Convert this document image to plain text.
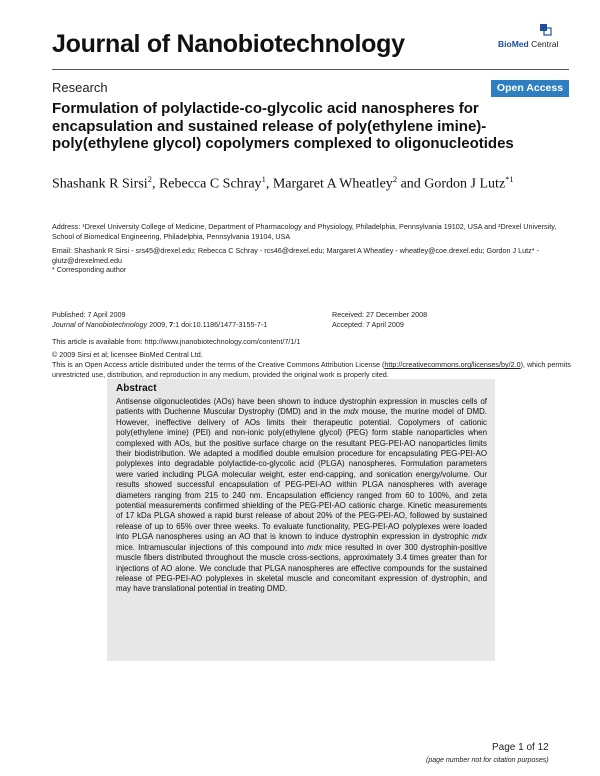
Journal of Nanobiotechnology	BioMed Central
Research	Open Access
Formulation of polylactide-co-glycolic acid nanospheres for encapsulation and sustained release of poly(ethylene imine)-poly(ethylene glycol) copolymers complexed to oligonucleotides
Shashank R Sirsi$^2$, Rebecca C Schray$^1$, Margaret A Wheatley$^2$ and Gordon J Lutz$^{*1}$
Address: ¹Drexel University College of Medicine, Department of Pharmacology and Physiology, Philadelphia, Pennsylvania 19102, USA and ²Drexel University, School of Biomedical Engineering, Philadelphia, Pennsylvania 19104, USA
Email: Shashank R Sirsi - srs45@drexel.edu; Rebecca C Schray - rcs46@drexel.edu; Margaret A Wheatley - wheatley@coe.drexel.edu; Gordon J Lutz* - glutz@drexelmed.edu
* Corresponding author
Published: 7 April 2009
Journal of Nanobiotechnology 2009, 7:1 doi:10.1186/1477-3155-7-1
Received: 27 December 2008
Accepted: 7 April 2009
This article is available from: http://www.jnanobiotechnology.com/content/7/1/1
© 2009 Sirsi et al; licensee BioMed Central Ltd.
This is an Open Access article distributed under the terms of the Creative Commons Attribution License (http://creativecommons.org/licenses/by/2.0), which permits unrestricted use, distribution, and reproduction in any medium, provided the original work is properly cited.
Abstract
Antisense oligonucleotides (AOs) have been shown to induce dystrophin expression in muscles cells of patients with Duchenne Muscular Dystrophy (DMD) and in the mdx mouse, the murine model of DMD. However, ineffective delivery of AOs limits their therapeutic potential. Copolymers of cationic poly(ethylene imine) (PEI) and non-ionic poly(ethylene glycol) (PEG) form stable nanoparticles when complexed with AOs, but the positive surface charge on the resultant PEG-PEI-AO nanoparticles limits their biodistribution. We adapted a modified double emulsion procedure for encapsulating PEG-PEI-AO polyplexes into degradable polylactide-co-glycolic acid (PLGA) nanospheres. Formulation parameters were varied including PLGA molecular weight, ester end-capping, and sonication energy/volume. Our results showed successful encapsulation of PEG-PEI-AO within PLGA nanospheres with average diameters ranging from 215 to 240 nm. Encapsulation efficiency ranged from 60 to 100%, and zeta potential measurements confirmed shielding of the PEG-PEI-AO cationic charge. Kinetic measurements of 17 kDa PLGA showed a rapid burst release of about 20% of the PEG-PEI-AO, followed by sustained release of up to 65% over three weeks. To evaluate functionality, PEG-PEI-AO polyplexes were loaded into PLGA nanospheres using an AO that is known to induce dystrophin expression in dystrophic mdx mice. Intramuscular injections of this compound into mdx mice resulted in over 300 dystrophin-positive muscle fibers distributed throughout the muscle cross-sections, approximately 3.4 times greater than for injections of AO alone. We conclude that PLGA nanospheres are effective compounds for the sustained release of PEG-PEI-AO polyplexes in skeletal muscle and concomitant expression of dystrophin, and may have translational potential in treating DMD.
Page 1 of 12
(page number not for citation purposes)
